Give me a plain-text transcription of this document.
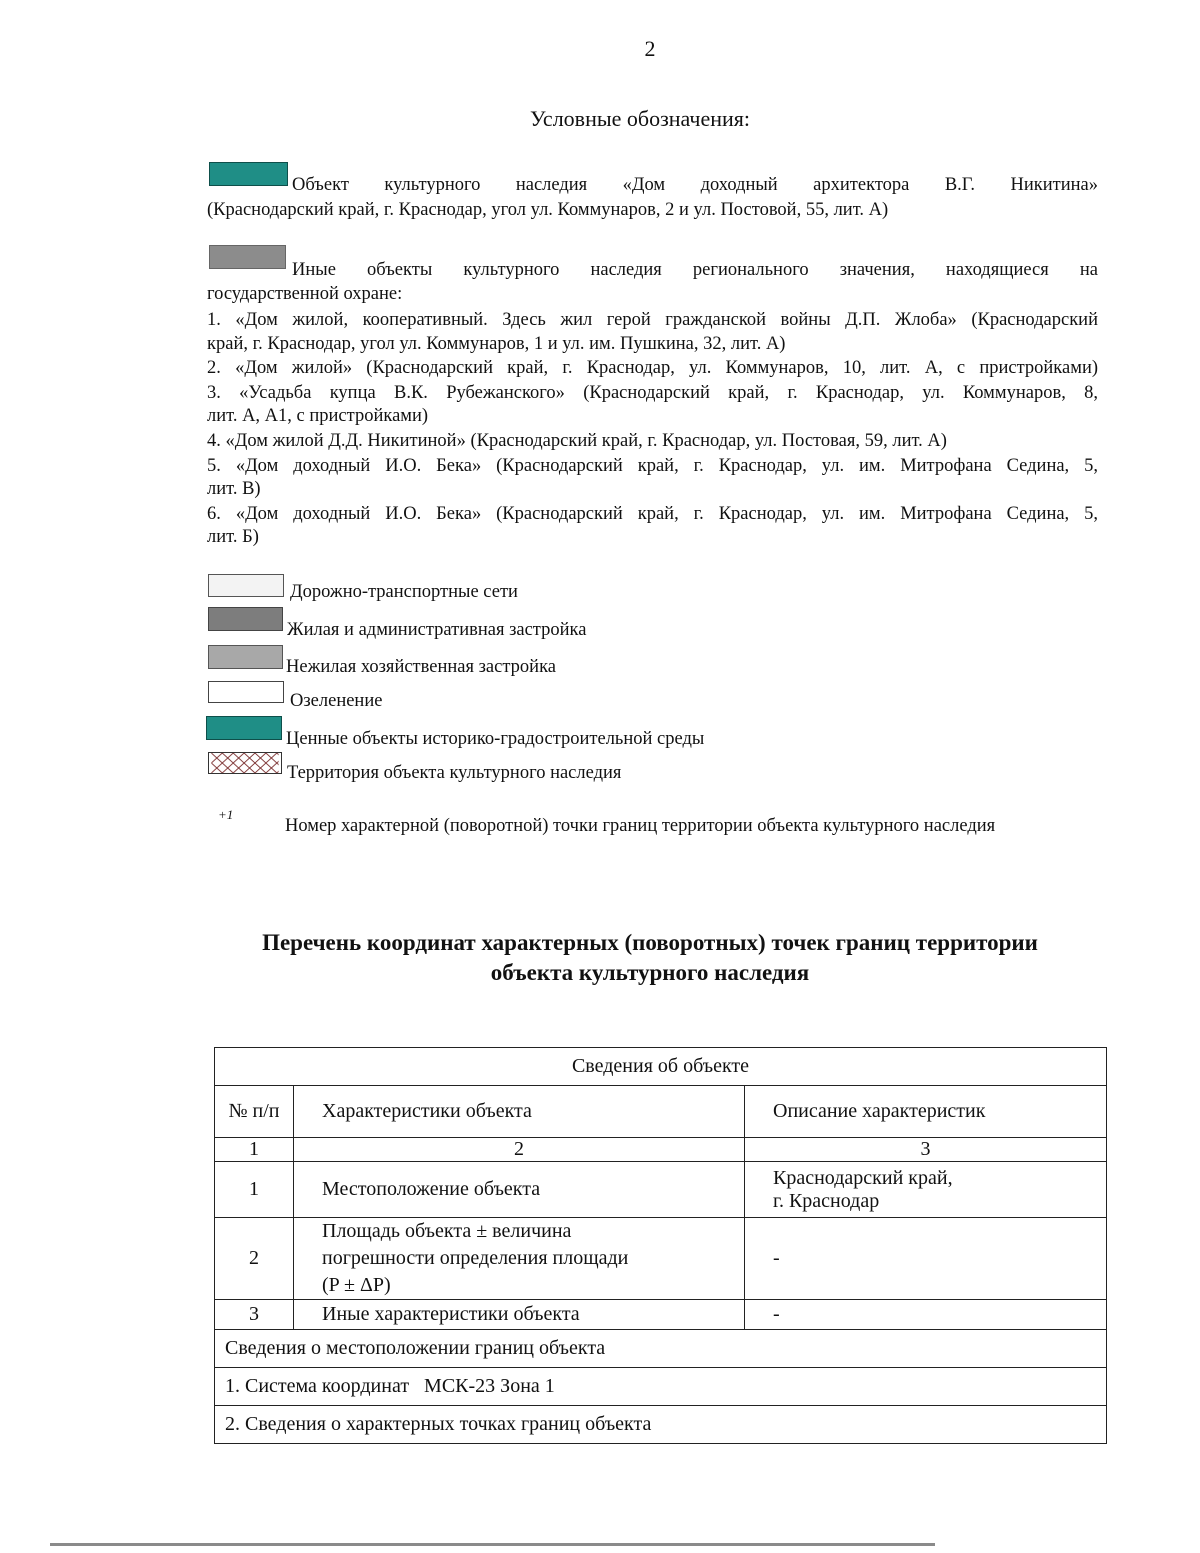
2
Условные обозначения:
Объект культурного наследия «Дом доходный архитектора В.Г. Никитина»
(Краснодарский край, г. Краснодар, угол ул. Коммунаров, 2 и ул. Постовой, 55, лит. А)
Иные объекты культурного наследия регионального значения, находящиеся на
государственной охране:
1. «Дом жилой, кооперативный. Здесь жил герой гражданской войны Д.П. Жлоба» (Краснодарский
край, г. Краснодар, угол ул. Коммунаров, 1 и ул. им. Пушкина, 32, лит. А)
2. «Дом жилой» (Краснодарский край, г. Краснодар, ул. Коммунаров, 10, лит. А, с пристройками)
3. «Усадьба купца В.К. Рубежанского» (Краснодарский край, г. Краснодар, ул. Коммунаров, 8,
лит. А, А1, с пристройками)
4. «Дом жилой Д.Д. Никитиной» (Краснодарский край, г. Краснодар, ул. Постовая, 59, лит. А)
5. «Дом доходный И.О. Бека» (Краснодарский край, г. Краснодар, ул. им. Митрофана Седина, 5,
лит. В)
6. «Дом доходный И.О. Бека» (Краснодарский край, г. Краснодар, ул. им. Митрофана Седина, 5,
лит. Б)
Дорожно-транспортные сети
Жилая и административная застройка
Нежилая хозяйственная застройка
Озеленение
Ценные объекты историко-градостроительной среды
Территория объекта культурного наследия
+1
Номер характерной (поворотной) точки границ территории объекта культурного наследия
Перечень координат характерных (поворотных) точек границ территории
объекта культурного наследия
Сведения об объекте		
№ п/п	Характеристики объекта	Описание характеристик
1	2	3
1	Местоположение объекта	Краснодарский край,
г. Краснодар

2	Площадь объекта ± величина
погрешности определения площади
(P ± ΔP)	-
3	Иные характеристики объекта	-
Сведения о местоположении границ объекта		
1. Система координат   МСК-23 Зона 1		
2. Сведения о характерных точках границ объекта		
